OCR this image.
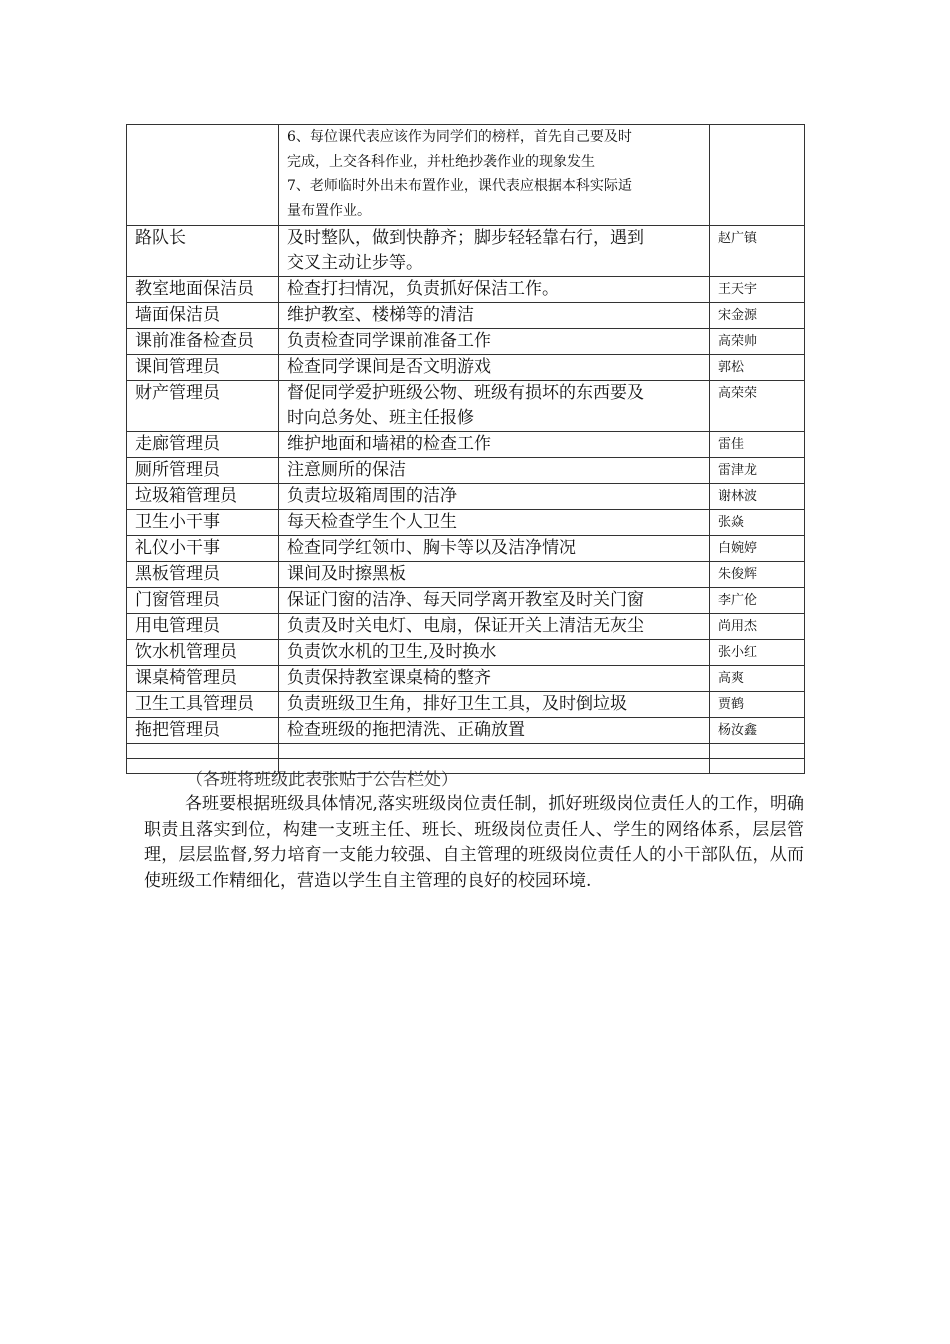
	6、每位课代表应该作为同学们的榜样，首先自己要及时
完成，上交各科作业，并杜绝抄袭作业的现象发生
7、老师临时外出未布置作业，课代表应根据本科实际适
量布置作业。	

路队长	及时整队，做到快静齐；脚步轻轻靠右行，遇到
交叉主动让步等。	赵广镇
教室地面保洁员	检查打扫情况，负责抓好保洁工作。	王天宇
墙面保洁员	维护教室、楼梯等的清洁	宋金源
课前准备检查员	负责检查同学课前准备工作	高荣帅
课间管理员	检查同学课间是否文明游戏	郭松
财产管理员	督促同学爱护班级公物、班级有损坏的东西要及
时向总务处、班主任报修	高荣荣
走廊管理员	维护地面和墙裙的检查工作	雷佳
厕所管理员	注意厕所的保洁	雷津龙
垃圾箱管理员	负责垃圾箱周围的洁净	谢林波
卫生小干事	每天检查学生个人卫生	张焱
礼仪小干事	检查同学红领巾、胸卡等以及洁净情况	白婉婷
黑板管理员	课间及时擦黑板	朱俊辉
门窗管理员	保证门窗的洁净、每天同学离开教室及时关门窗	李广伦
用电管理员	负责及时关电灯、电扇，保证开关上清洁无灰尘	尚用杰
饮水机管理员	负责饮水机的卫生,及时换水	张小红
课桌椅管理员	负责保持教室课桌椅的整齐	高爽
卫生工具管理员	负责班级卫生角，排好卫生工具，及时倒垃圾	贾鹤
拖把管理员	检查班级的拖把清洗、正确放置	杨汝鑫

（各班将班级此表张贴于公告栏处）
各班要根据班级具体情况,落实班级岗位责任制，抓好班级岗位责任人的工作，明确职责且落实到位，构建一支班主任、班长、班级岗位责任人、学生的网络体系，层层管理，层层监督,努力培育一支能力较强、自主管理的班级岗位责任人的小干部队伍，从而使班级工作精细化，营造以学生自主管理的良好的校园环境.
